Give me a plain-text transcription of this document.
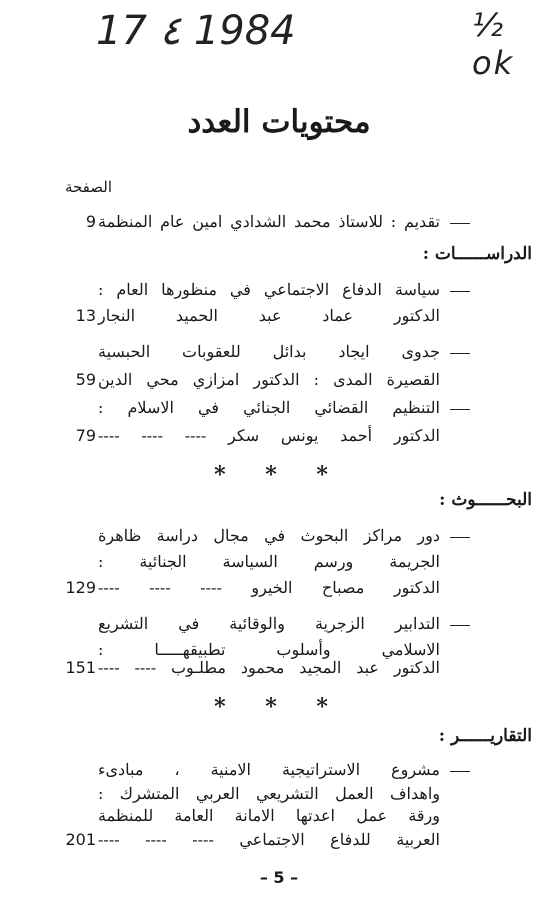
17 ٤ 1984	½ ok
محتويات العدد
الصفحة
تقديم : للاستاذ محمد الشدادي امين عام المنظمة
9
الدراســــــات :
سياسة الدفاع الاجتماعي في منظورها العام :
الدكتور عماد عبد الحميد النجار
13
جدوى ايجاد بدائل للعقوبات الحبسية
القصيرة المدى : الدكتور امزازي محي الدين
59
التنظيم القضائي الجنائي في الاسلام :
الدكتور أحمد يونس سكر ---- ---- ----
79
* * *
البحــــــوث :
دور مراكز البحوث في مجال دراسة ظاهرة
الجريمة ورسم السياسة الجنائية :
الدكتور مصباح الخيرو ---- ---- ----
129
التدابير الزجرية والوقائية في التشريع
الاسلامي وأسلوب تطبيقهـــــا :
الدكتور عبد المجيد محمود مطلـوب ---- ----
151
* * *
التقاريــــــر :
مشروع الاستراتيجية الامنية ، مبادىء
واهداف العمل التشريعي العربي المتشرك :
ورقة عمل اعدتها الامانة العامة للمنظمة
العربية للدفاع الاجتماعي ---- ---- ----
201
– 5 –
